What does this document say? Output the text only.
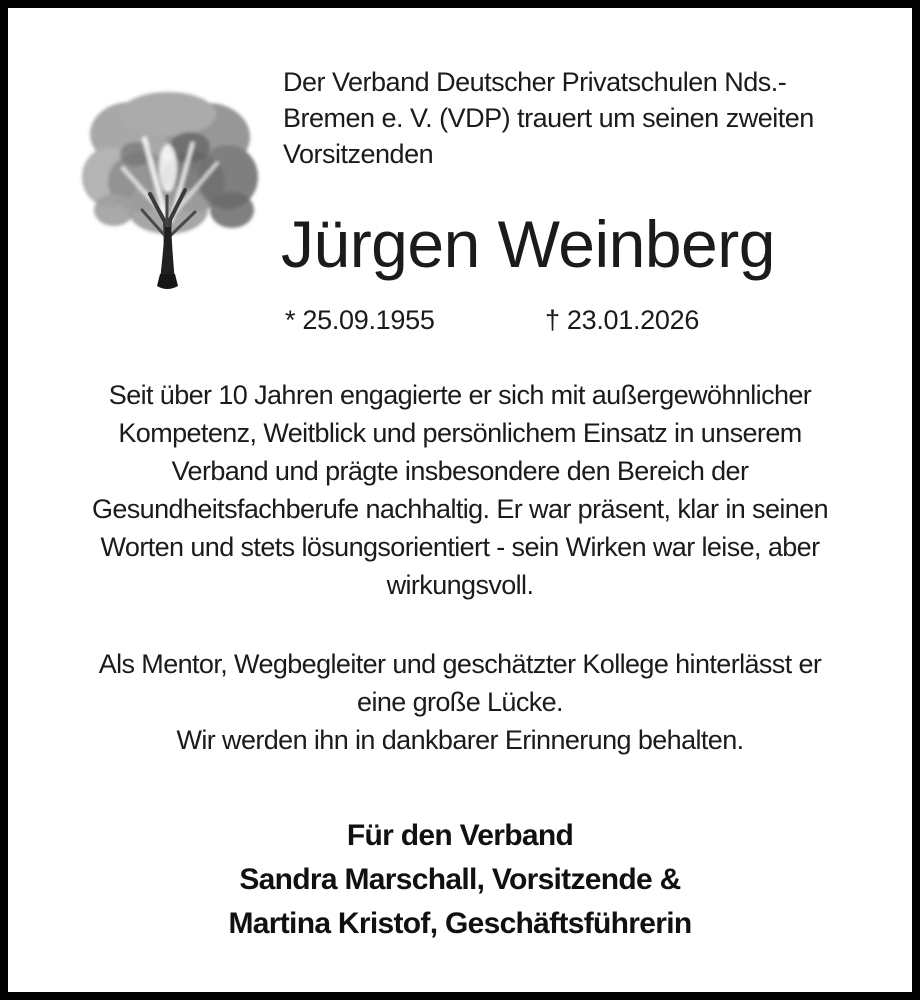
Der Verband Deutscher Privatschulen Nds.-
Bremen e. V. (VDP) trauert um seinen zweiten
Vorsitzenden
Jürgen Weinberg
* 25.09.1955	† 23.01.2026
Seit über 10 Jahren engagierte er sich mit außergewöhnlicher
Kompetenz, Weitblick und persönlichem Einsatz in unserem
Verband und prägte insbesondere den Bereich der
Gesundheitsfachberufe nachhaltig. Er war präsent, klar in seinen
Worten und stets lösungsorientiert - sein Wirken war leise, aber
wirkungsvoll.
Als Mentor, Wegbegleiter und geschätzter Kollege hinterlässt er
eine große Lücke.
Wir werden ihn in dankbarer Erinnerung behalten.
Für den Verband
Sandra Marschall, Vorsitzende &
Martina Kristof, Geschäftsführerin
